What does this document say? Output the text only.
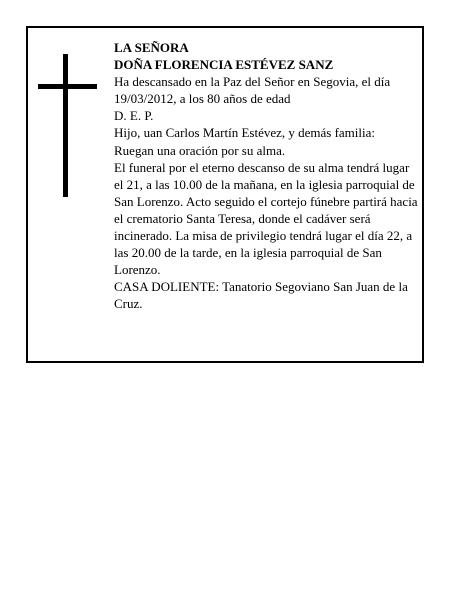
LA SEÑORA

DOÑA FLORENCIA ESTÉVEZ SANZ

Ha descansado en la Paz del Señor en Segovia, el día 19/03/2012, a los 80 años de edad

D. E. P.

Hijo, uan Carlos Martín Estévez, y demás familia:

Ruegan una oración por su alma.

El funeral por el eterno descanso de su alma tendrá lugar el 21, a las 10.00 de la mañana, en la iglesia parroquial de San Lorenzo. Acto seguido el cortejo fúnebre partirá hacia el crematorio Santa Teresa, donde el cadáver será incinerado. La misa de privilegio tendrá lugar el día 22, a las 20.00 de la tarde, en la iglesia parroquial de San Lorenzo.

CASA DOLIENTE: Tanatorio Segoviano San Juan de la Cruz.
